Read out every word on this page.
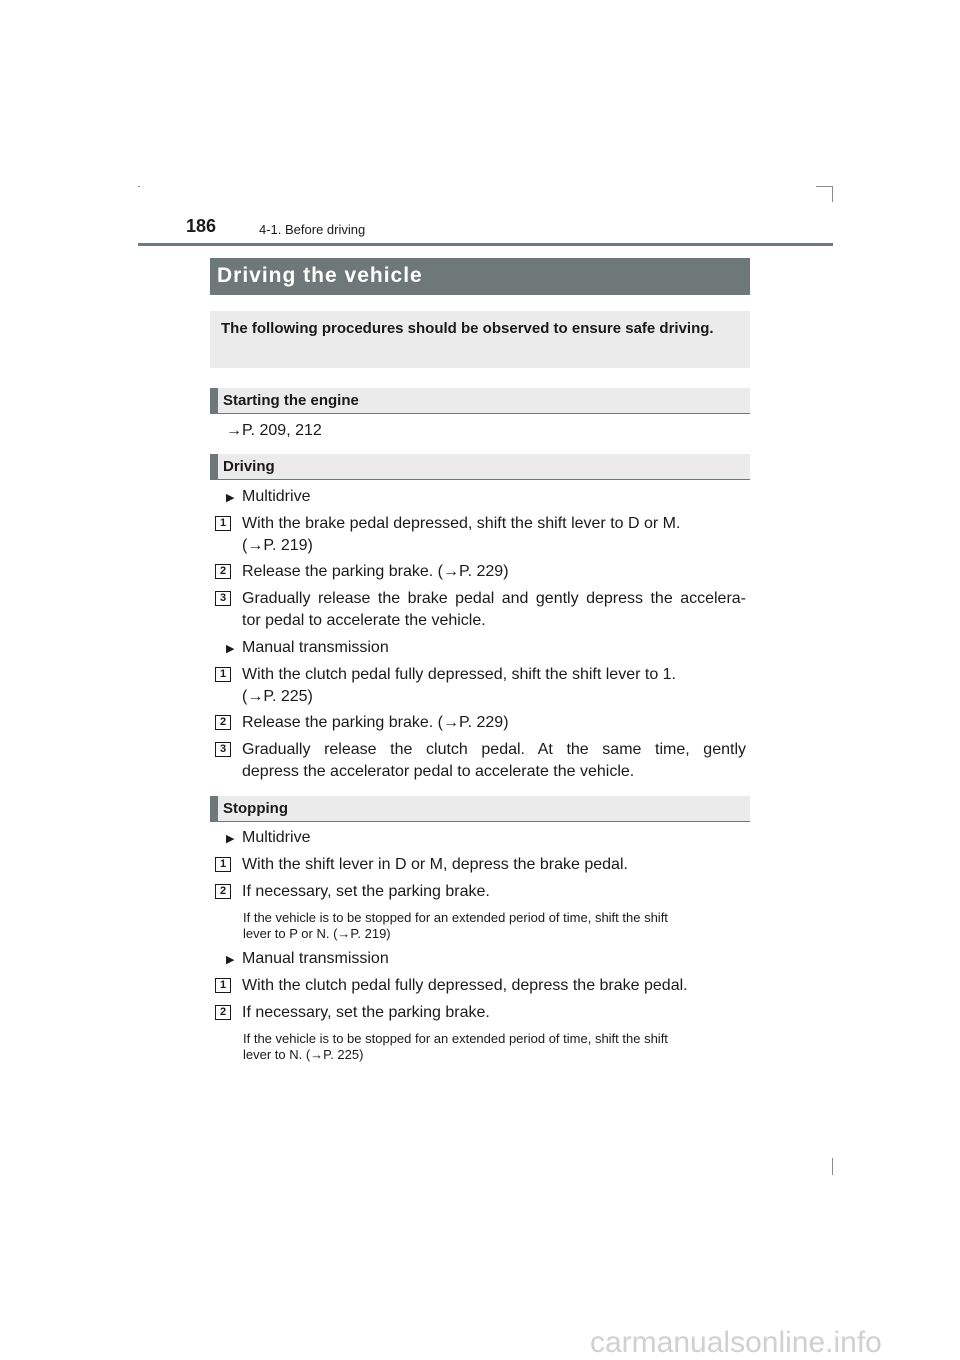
186	4-1. Before driving
Driving the vehicle
The following procedures should be observed to ensure safe driving.
Starting the engine
→P. 209, 212
Driving
▶ Multidrive
1 With the brake pedal depressed, shift the shift lever to D or M.
(→P. 219)
2 Release the parking brake. (→P. 229)
3 Gradually release the brake pedal and gently depress the accelera-
tor pedal to accelerate the vehicle.
▶ Manual transmission
1 With the clutch pedal fully depressed, shift the shift lever to 1.
(→P. 225)
2 Release the parking brake. (→P. 229)
3 Gradually release the clutch pedal. At the same time, gently
depress the accelerator pedal to accelerate the vehicle.
Stopping
▶ Multidrive
1 With the shift lever in D or M, depress the brake pedal.
2 If necessary, set the parking brake.
If the vehicle is to be stopped for an extended period of time, shift the shift
lever to P or N. (→P. 219)
▶ Manual transmission
1 With the clutch pedal fully depressed, depress the brake pedal.
2 If necessary, set the parking brake.
If the vehicle is to be stopped for an extended period of time, shift the shift
lever to N. (→P. 225)
carmanualsonline.info
